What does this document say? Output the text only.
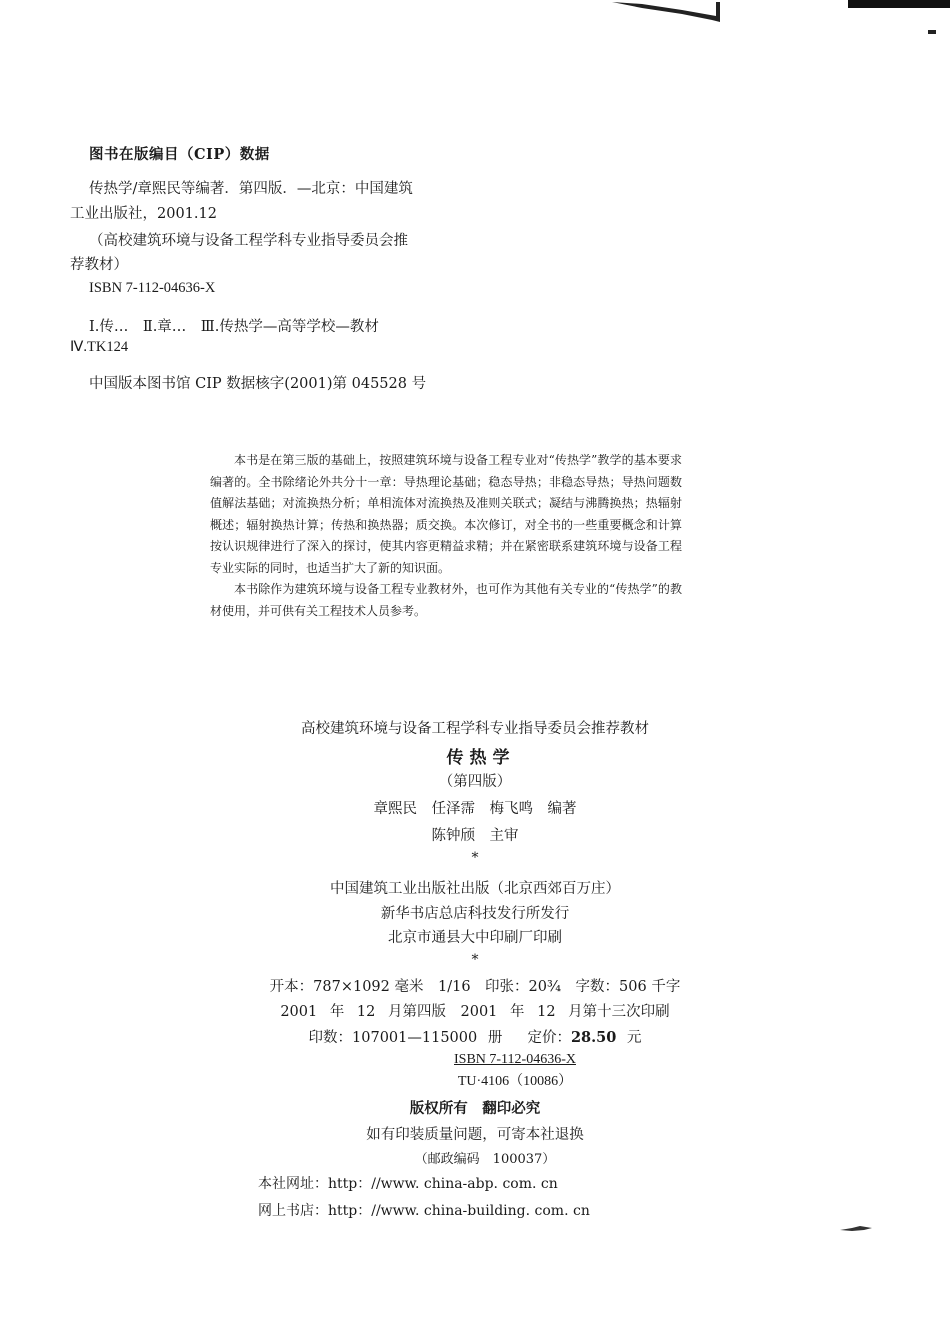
图书在版编目（CIP）数据
传热学/章熙民等编著．第四版．—北京：中国建筑
工业出版社，2001.12
（高校建筑环境与设备工程学科专业指导委员会推
荐教材）
ISBN 7-112-04636-X
Ⅰ.传…　Ⅱ.章…　Ⅲ.传热学—高等学校—教材
Ⅳ.TK124
中国版本图书馆 CIP 数据核字(2001)第 045528 号

本书是在第三版的基础上，按照建筑环境与设备工程专业对“传热学”教学的基本要求编著的。全书除绪论外共分十一章：导热理论基础；稳态导热；非稳态导热；导热问题数值解法基础；对流换热分析；单相流体对流换热及准则关联式；凝结与沸腾换热；热辐射概述；辐射换热计算；传热和换热器；质交换。本次修订，对全书的一些重要概念和计算按认识规律进行了深入的探讨，使其内容更精益求精；并在紧密联系建筑环境与设备工程专业实际的同时，也适当扩大了新的知识面。

本书除作为建筑环境与设备工程专业教材外，也可作为其他有关专业的“传热学”的教材使用，并可供有关工程技术人员参考。

高校建筑环境与设备工程学科专业指导委员会推荐教材
传热学
（第四版）
章熙民　任泽霈　梅飞鸣　编著
陈钟颀　主审
*
中国建筑工业出版社出版（北京西郊百万庄）
新华书店总店科技发行所发行
北京市通县大中印刷厂印刷
*
开本：787×1092 毫米　1/16　印张：20¾　字数：506 千字
2001 年 12 月第四版　2001 年 12 月第十三次印刷
印数：107001—115000 册　 定价：28.50 元
ISBN 7-112-04636-X
TU·4106（10086）
版权所有　翻印必究
如有印装质量问题，可寄本社退换
（邮政编码　100037）
本社网址：http：//www. china-abp. com. cn
网上书店：http：//www. china-building. com. cn
